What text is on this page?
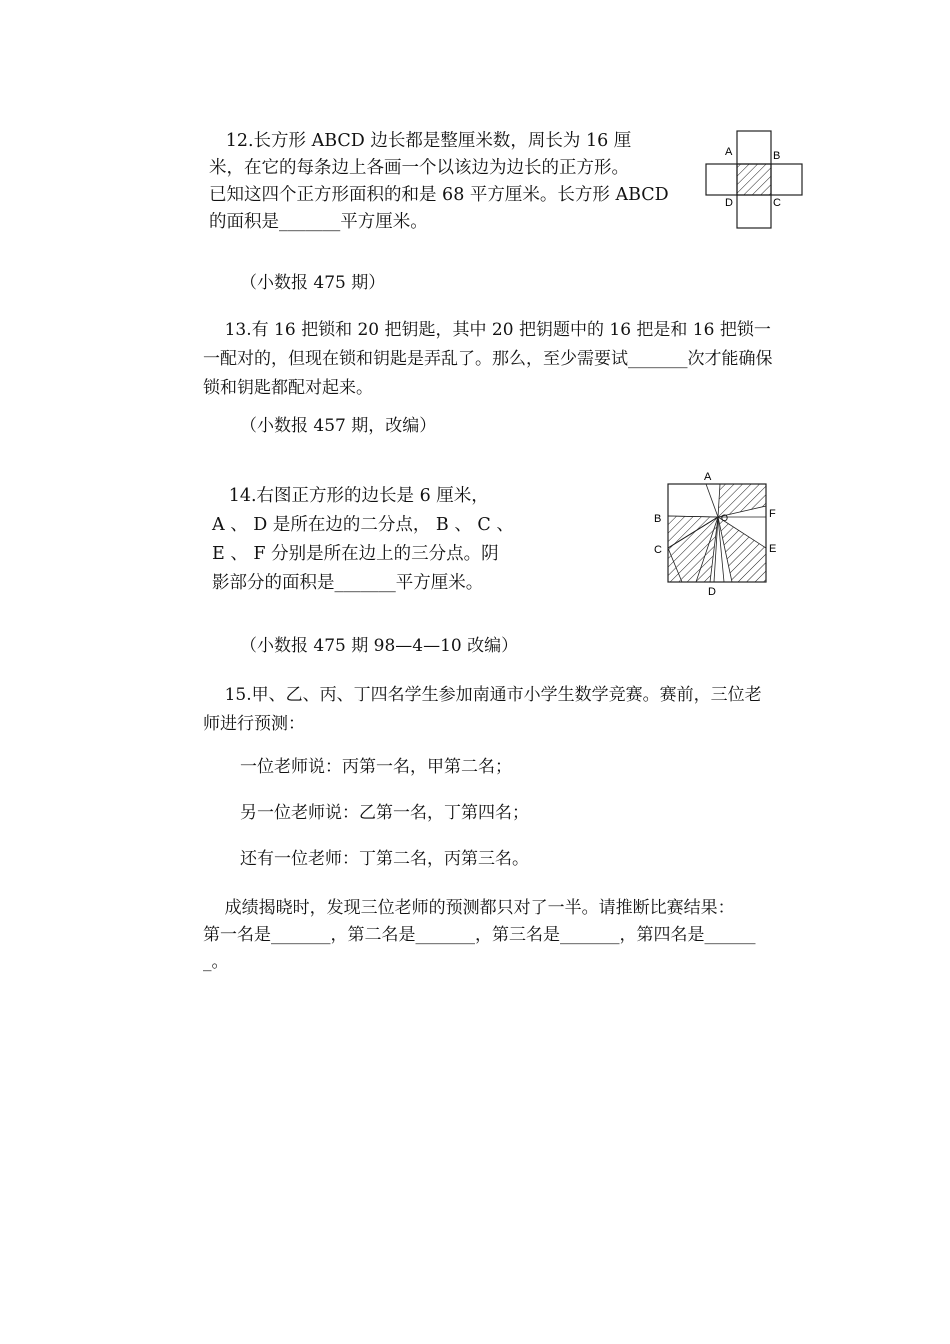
12.长方形 ABCD 边长都是整厘米数，周长为 16 厘
米，在它的每条边上各画一个以该边为边长的正方形。
已知这四个正方形面积的和是 68 平方厘米。长方形 ABCD
的面积是_______平方厘米。
A	B
D	C

（小数报 475 期）

13.有 16 把锁和 20 把钥匙，其中 20 把钥题中的 16 把是和 16 把锁一
一配对的，但现在锁和钥匙是弄乱了。那么，至少需要试_______次才能确保
锁和钥匙都配对起来。

（小数报 457 期，改编）

14.右图正方形的边长是 6 厘米，
A 、 D 是所在边的二分点， B 、 C 、
E 、 F 分别是所在边上的三分点。阴
影部分的面积是_______平方厘米。
A
B
C
O	F
E
D

（小数报 475 期 98—4—10 改编）

15.甲、乙、丙、丁四名学生参加南通市小学生数学竞赛。赛前，三位老
师进行预测：

一位老师说：丙第一名，甲第二名；

另一位老师说：乙第一名，丁第四名；

还有一位老师：丁第二名，丙第三名。

成绩揭晓时，发现三位老师的预测都只对了一半。请推断比赛结果：
第一名是_______，第二名是_______，第三名是_______，第四名是______
_。
